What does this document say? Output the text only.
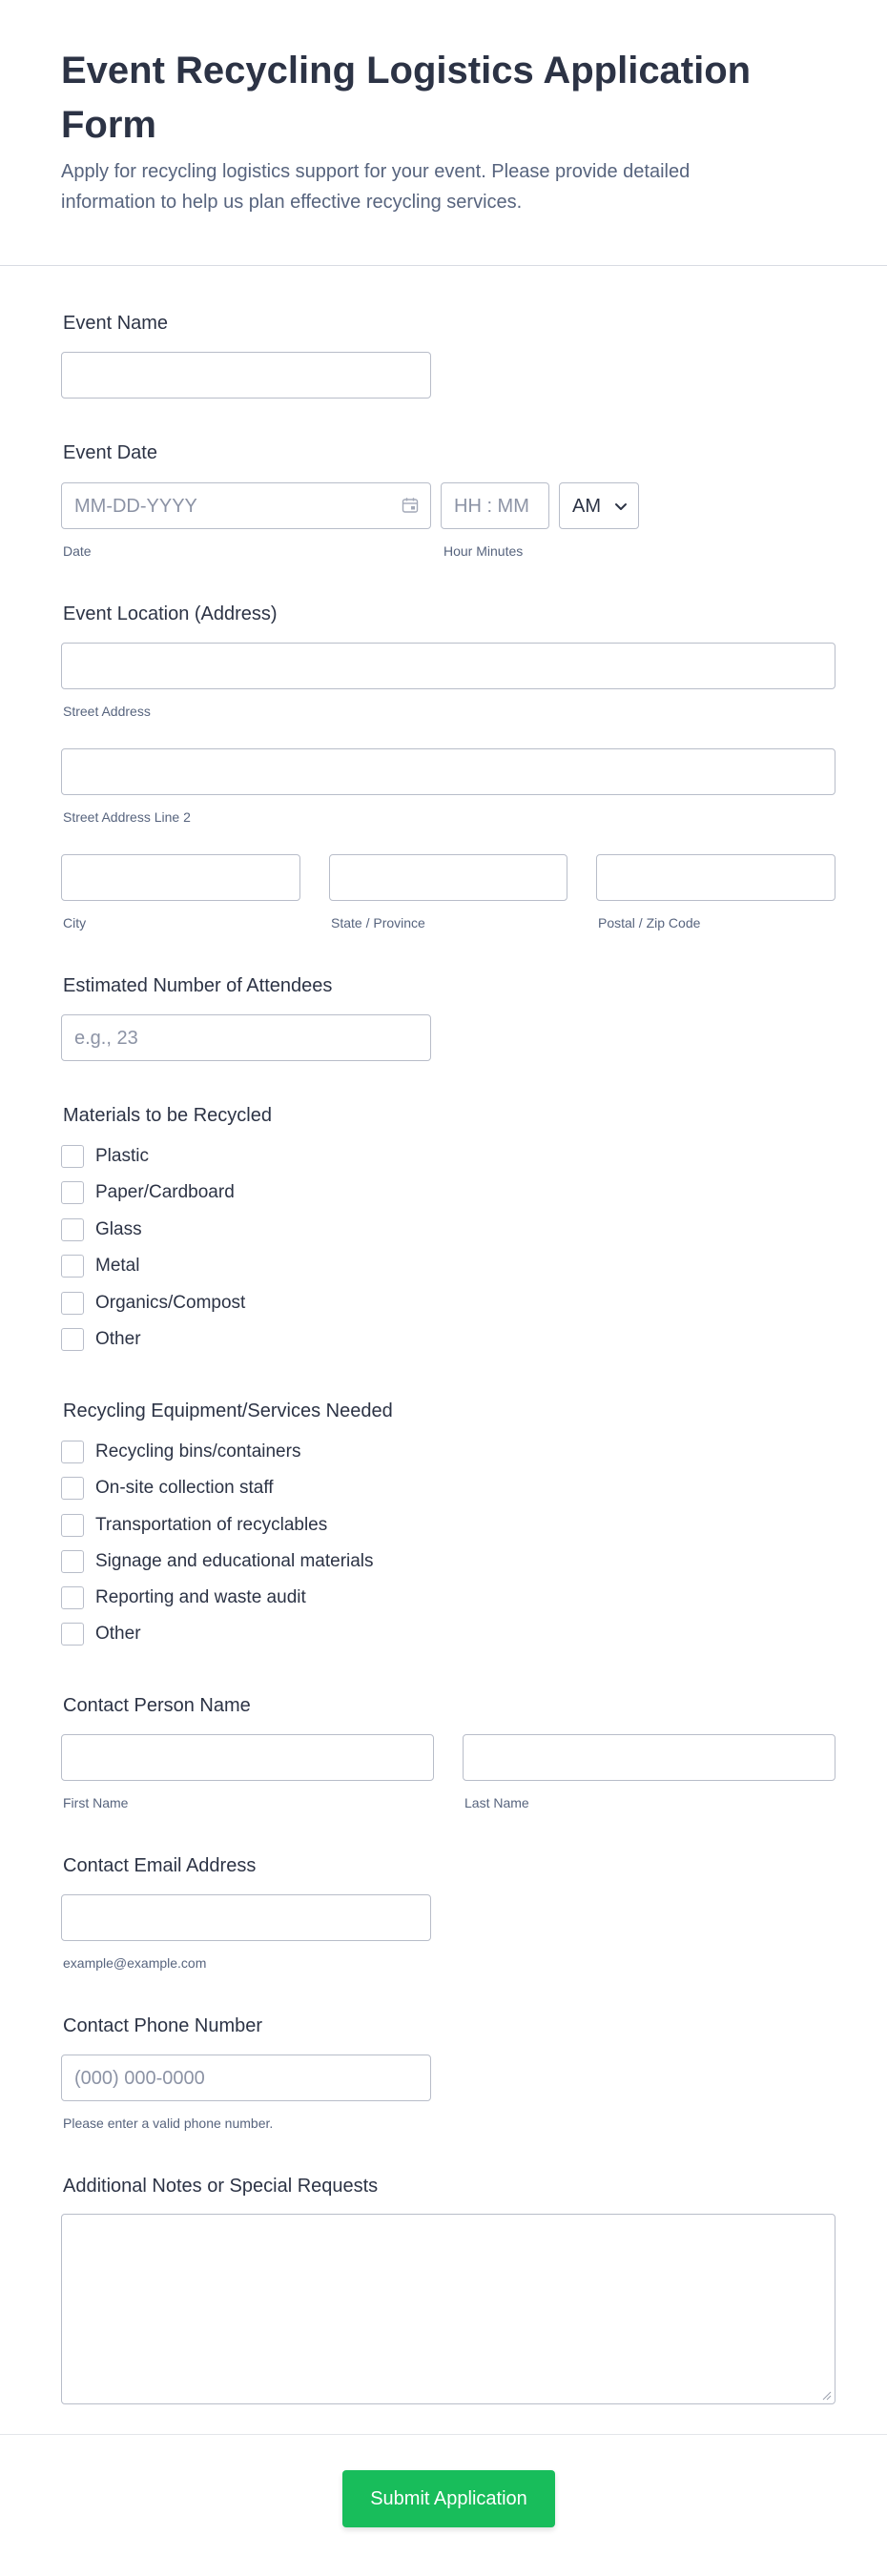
Event Recycling Logistics Application Form

Apply for recycling logistics support for your event. Please provide detailed information to help us plan effective recycling services.

Event Name
Event Date
MM-DD-YYYY
Date
HH : MM
Hour Minutes
AM
Event Location (Address)
Street Address
Street Address Line 2
City	State / Province	Postal / Zip Code
Estimated Number of Attendees
e.g., 23
Materials to be Recycled
Plastic
Paper/Cardboard
Glass
Metal
Organics/Compost
Other
Recycling Equipment/Services Needed
Recycling bins/containers
On-site collection staff
Transportation of recyclables
Signage and educational materials
Reporting and waste audit
Other
Contact Person Name
First Name	Last Name
Contact Email Address
example@example.com
Contact Phone Number
(000) 000-0000
Please enter a valid phone number.
Additional Notes or Special Requests
Submit Application
